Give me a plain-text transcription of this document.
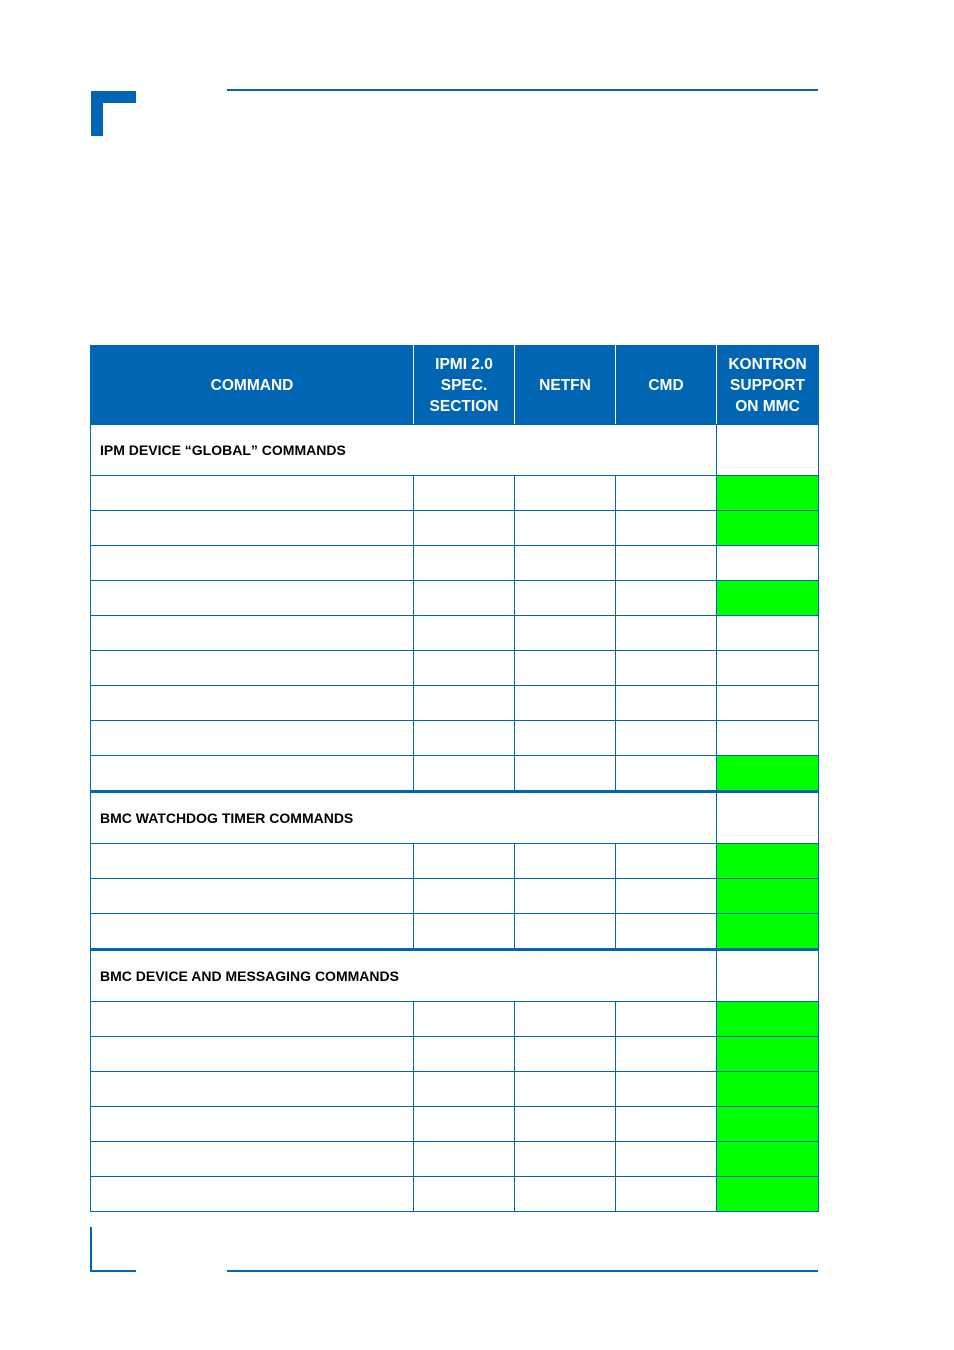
COMMAND	IPMI 2.0
SPEC.
SECTION	NETFN	CMD	KONTRON
SUPPORT
ON MMC
IPM DEVICE “GLOBAL” COMMANDS				

BMC WATCHDOG TIMER COMMANDS				

BMC DEVICE AND MESSAGING COMMANDS				
